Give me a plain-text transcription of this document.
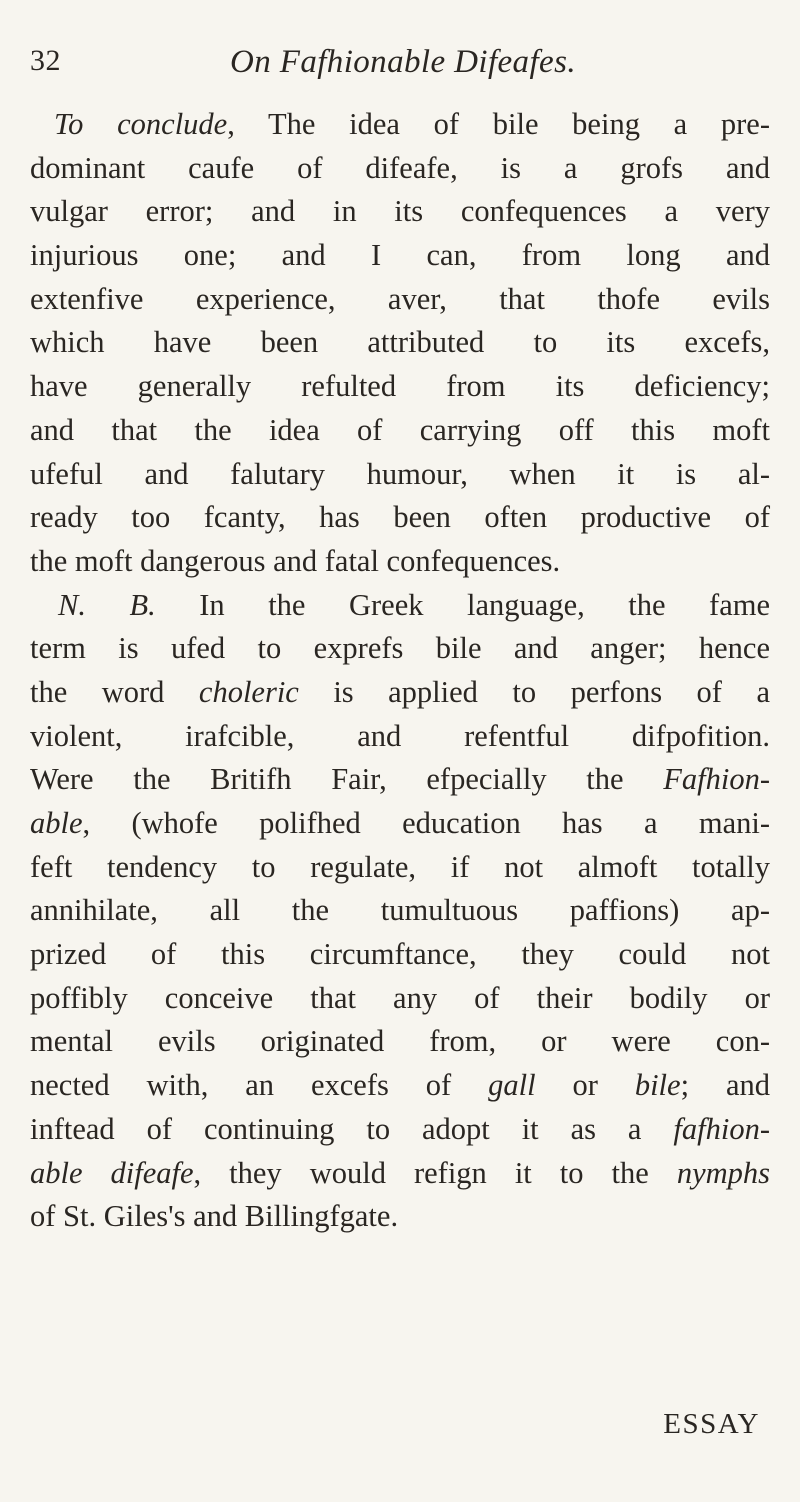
32	On Fafhionable Difeafes.
To conclude, The idea of bile being a pre-
dominant caufe of difeafe, is a grofs and
vulgar error; and in its confequences a very
injurious one; and I can, from long and
extenfive experience, aver, that thofe evils
which have been attributed to its excefs,
have generally refulted from its deficiency;
and that the idea of carrying off this moft
ufeful and falutary humour, when it is al-
ready too fcanty, has been often productive of
the moft dangerous and fatal confequences.
N. B. In the Greek language, the fame
term is ufed to exprefs bile and anger; hence
the word choleric is applied to perfons of a
violent, irafcible, and refentful difpofition.
Were the Britifh Fair, efpecially the Fafhion-
able, (whofe polifhed education has a mani-
feft tendency to regulate, if not almoft totally
annihilate, all the tumultuous paffions) ap-
prized of this circumftance, they could not
poffibly conceive that any of their bodily or
mental evils originated from, or were con-
nected with, an excefs of gall or bile; and
inftead of continuing to adopt it as a fafhion-
able difeafe, they would refign it to the nymphs
of St. Giles's and Billingfgate.
ESSAY
